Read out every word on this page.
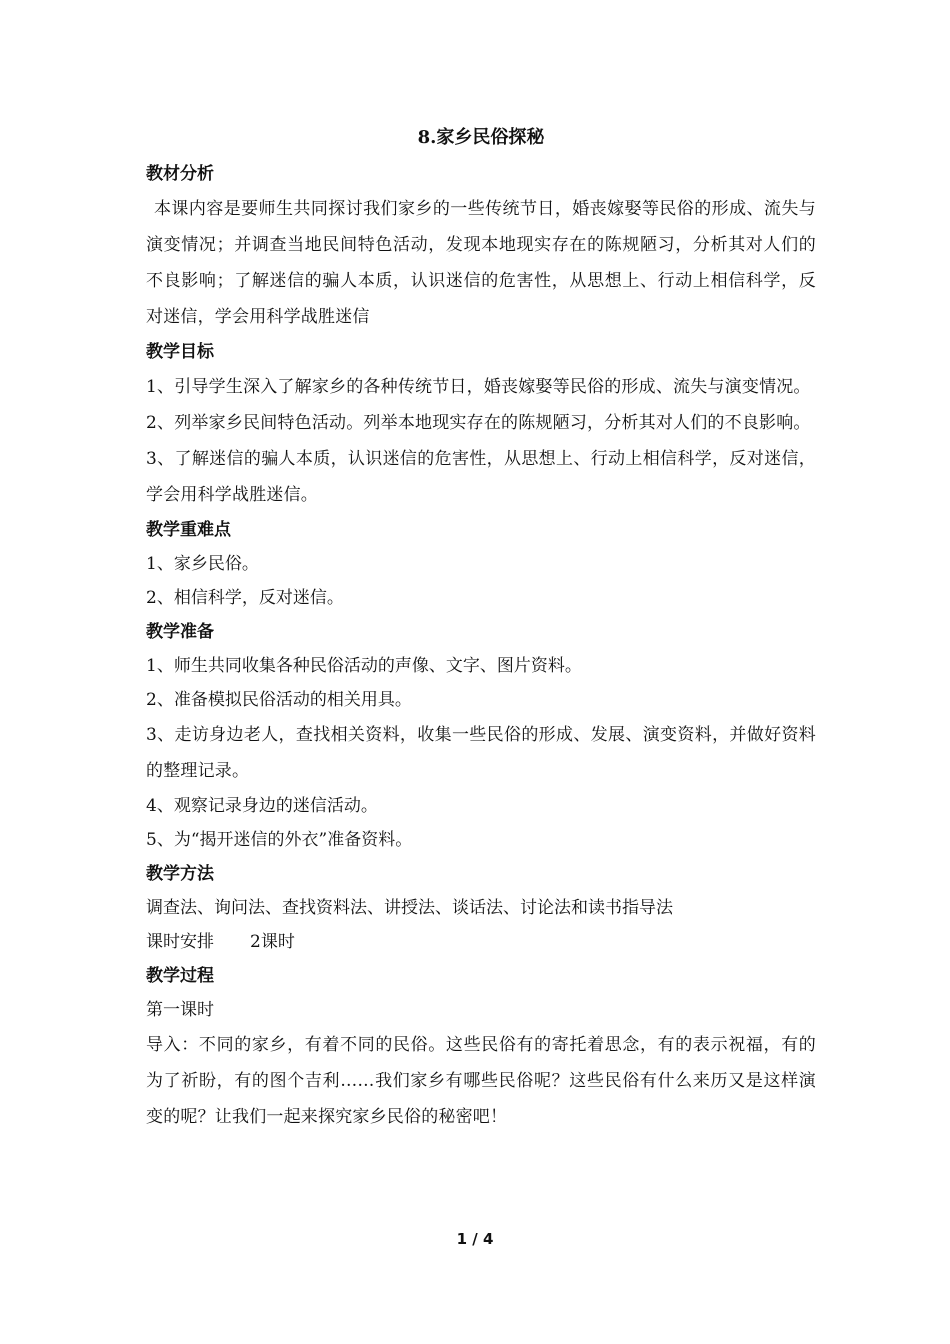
8.家乡民俗探秘
教材分析

本课内容是要师生共同探讨我们家乡的一些传统节日，婚丧嫁娶等民俗的形成、流失与演变情况；并调查当地民间特色活动，发现本地现实存在的陈规陋习，分析其对人们的不良影响；了解迷信的骗人本质，认识迷信的危害性，从思想上、行动上相信科学，反对迷信，学会用科学战胜迷信

教学目标

1、引导学生深入了解家乡的各种传统节日，婚丧嫁娶等民俗的形成、流失与演变情况。

2、列举家乡民间特色活动。列举本地现实存在的陈规陋习，分析其对人们的不良影响。

3、了解迷信的骗人本质，认识迷信的危害性，从思想上、行动上相信科学，反对迷信，学会用科学战胜迷信。

教学重难点
1、家乡民俗。
2、相信科学，反对迷信。
教学准备
1、师生共同收集各种民俗活动的声像、文字、图片资料。
2、准备模拟民俗活动的相关用具。

3、走访身边老人，查找相关资料，收集一些民俗的形成、发展、演变资料，并做好资料的整理记录。

4、观察记录身边的迷信活动。
5、为“揭开迷信的外衣”准备资料。
教学方法
调查法、询问法、查找资料法、讲授法、谈话法、讨论法和读书指导法
课时安排 2课时
教学过程
第一课时

导入：不同的家乡，有着不同的民俗。这些民俗有的寄托着思念，有的表示祝福，有的为了祈盼，有的图个吉利……我们家乡有哪些民俗呢？这些民俗有什么来历又是这样演变的呢？让我们一起来探究家乡民俗的秘密吧！

1 / 4
